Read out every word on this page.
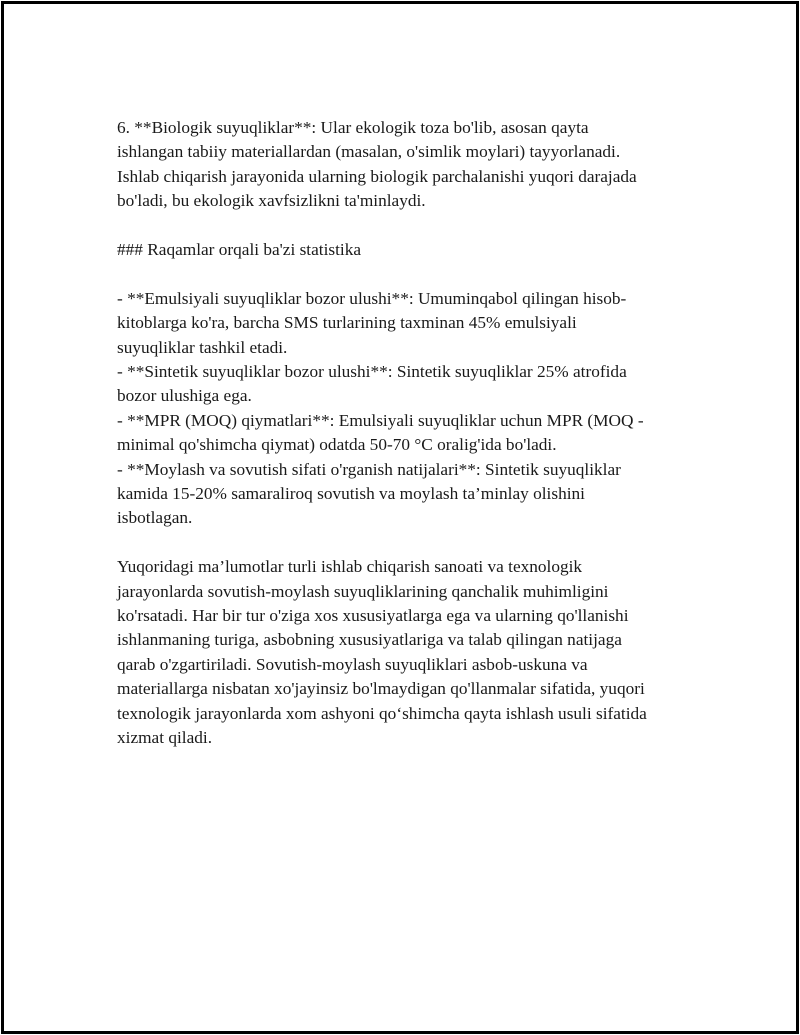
6. **Biologik suyuqliklar**: Ular ekologik toza bo'lib, asosan qayta

ishlangan tabiiy materiallardan (masalan, o'simlik moylari) tayyorlanadi.

Ishlab chiqarish jarayonida ularning biologik parchalanishi yuqori darajada

bo'ladi, bu ekologik xavfsizlikni ta'minlaydi.

### Raqamlar orqali ba'zi statistika

- **Emulsiyali suyuqliklar bozor ulushi**: Umuminqabol qilingan hisob-

kitoblarga ko'ra, barcha SMS turlarining taxminan 45% emulsiyali

suyuqliklar tashkil etadi.

- **Sintetik suyuqliklar bozor ulushi**: Sintetik suyuqliklar 25% atrofida

bozor ulushiga ega.

- **MPR (MOQ) qiymatlari**: Emulsiyali suyuqliklar uchun MPR (MOQ -

minimal qo'shimcha qiymat) odatda 50-70 °C oralig'ida bo'ladi.

- **Moylash va sovutish sifati o'rganish natijalari**: Sintetik suyuqliklar

kamida 15-20% samaraliroq sovutish va moylash ta’minlay olishini

isbotlagan.

Yuqoridagi ma’lumotlar turli ishlab chiqarish sanoati va texnologik

jarayonlarda sovutish-moylash suyuqliklarining qanchalik muhimligini

ko'rsatadi. Har bir tur o'ziga xos xususiyatlarga ega va ularning qo'llanishi

ishlanmaning turiga, asbobning xususiyatlariga va talab qilingan natijaga

qarab o'zgartiriladi. Sovutish-moylash suyuqliklari asbob-uskuna va

materiallarga nisbatan xo'jayinsiz bo'lmaydigan qo'llanmalar sifatida, yuqori

texnologik jarayonlarda xom ashyoni qo‘shimcha qayta ishlash usuli sifatida

xizmat qiladi.
